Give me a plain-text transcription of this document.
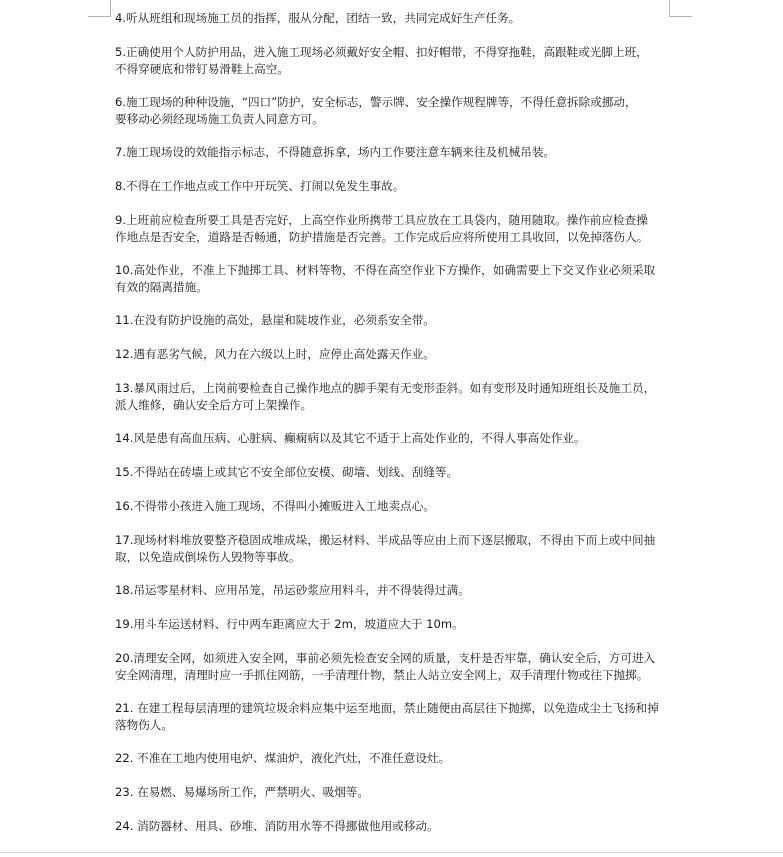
4.听从班组和现场施工员的指挥，服从分配，团结一致，共同完成好生产任务。
5.正确使用个人防护用品，进入施工现场必须戴好安全帽、扣好帽带，不得穿拖鞋，高跟鞋或光脚上班，
不得穿硬底和带钉易滑鞋上高空。
6.施工现场的种种设施，“四口”防护，安全标志，警示牌、安全操作规程牌等，不得任意拆除或挪动，
要移动必须经现场施工负责人同意方可。
7.施工现场设的效能指示标志，不得随意拆拿，场内工作要注意车辆来往及机械吊装。
8.不得在工作地点或工作中开玩笑、打闹以免发生事故。
9.上班前应检查所要工具是否完好，上高空作业所携带工具应放在工具袋内，随用随取。操作前应检查操
作地点是否安全，道路是否畅通，防护措施是否完善。工作完成后应将所使用工具收回，以免掉落伤人。
10.高处作业，不准上下抛掷工具、材料等物，不得在高空作业下方操作，如确需要上下交叉作业必须采取
有效的隔离措施。
11.在没有防护设施的高处，悬崖和陡坡作业，必须系安全带。
12.遇有恶劣气候，风力在六级以上时，应停止高处露天作业。
13.暴风雨过后，上岗前要检查自己操作地点的脚手架有无变形歪斜。如有变形及时通知班组长及施工员，
派人维修，确认安全后方可上架操作。
14.风是患有高血压病、心脏病、癫痫病以及其它不适于上高处作业的，不得人事高处作业。
15.不得站在砖墙上或其它不安全部位安模、砌墙、划线、刮缝等。
16.不得带小孩进入施工现场，不得叫小摊贩进入工地卖点心。
17.现场材料堆放要整齐稳固成堆成垛，搬运材料、半成品等应由上而下逐层搬取，不得由下而上或中间抽
取，以免造成倒垛伤人毁物等事故。
18.吊运零星材料、应用吊笼，吊运砂浆应用料斗，并不得装得过满。
19.用斗车运送材料、行中两车距离应大于 2m，坡道应大于 10m。
20.清理安全网，如须进入安全网，事前必须先检查安全网的质量，支杆是否牢靠，确认安全后，方可进入
安全网清理，清理时应一手抓住网筋，一手清理什物，禁止人站立安全网上，双手清理什物或往下抛掷。
21. 在建工程每层清理的建筑垃圾余料应集中运至地面，禁止随便由高层往下抛掷，以免造成尘土飞扬和掉
落物伤人。
22. 不准在工地内使用电炉、煤油炉，液化汽灶，不准任意设灶。
23. 在易燃、易爆场所工作，严禁明火、吸烟等。
24. 消防器材、用具、砂堆、消防用水等不得挪做他用或移动。
